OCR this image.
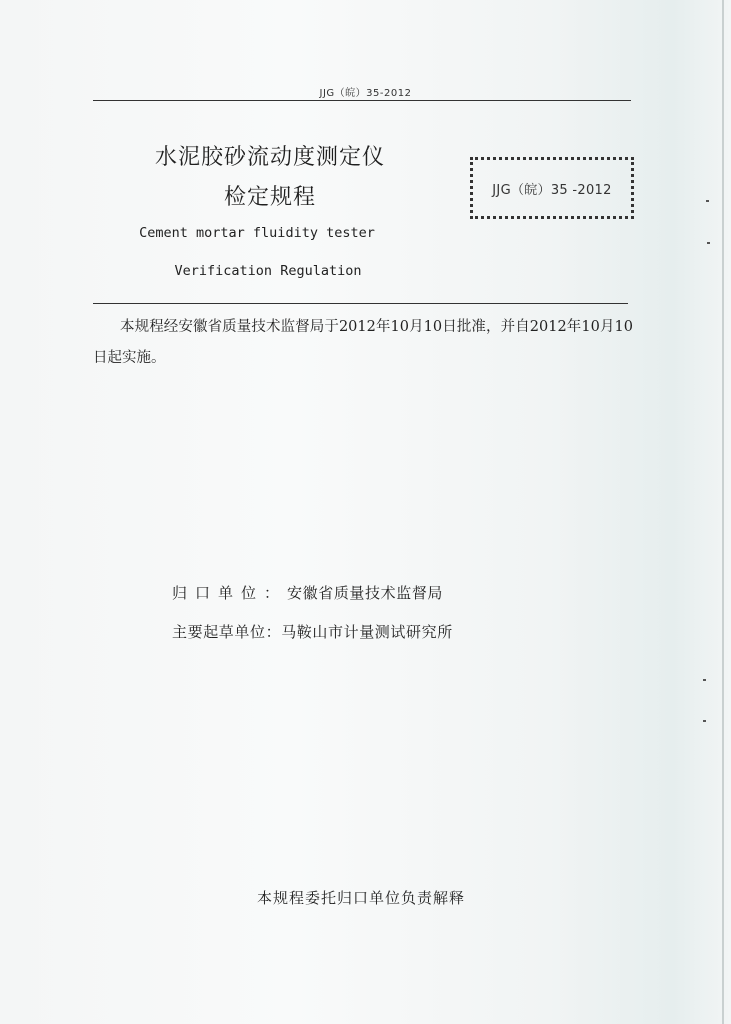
JJG（皖）35-2012
水泥胶砂流动度测定仪
检定规程
Cement mortar fluidity tester
Verification Regulation
JJG（皖）35 -2012
本规程经安徽省质量技术监督局于2012年10月10日批准，并自2012年10月10日起实施。
归口单位：安徽省质量技术监督局
主要起草单位：马鞍山市计量测试研究所
本规程委托归口单位负责解释
